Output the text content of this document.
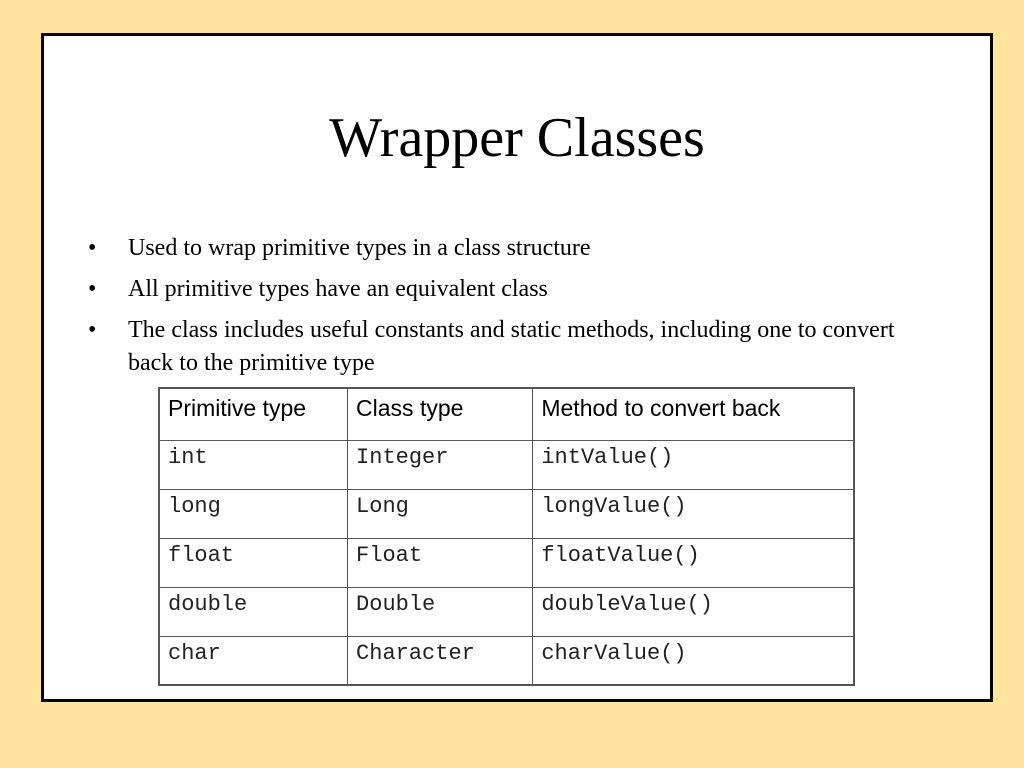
Wrapper Classes
• Used to wrap primitive types in a class structure
• All primitive types have an equivalent class
• The class includes useful constants and static methods, including one to convert back to the primitive type
Primitive type	Class type	Method to convert back
int	Integer	intValue()
long	Long	longValue()
float	Float	floatValue()
double	Double	doubleValue()
char	Character	charValue()
